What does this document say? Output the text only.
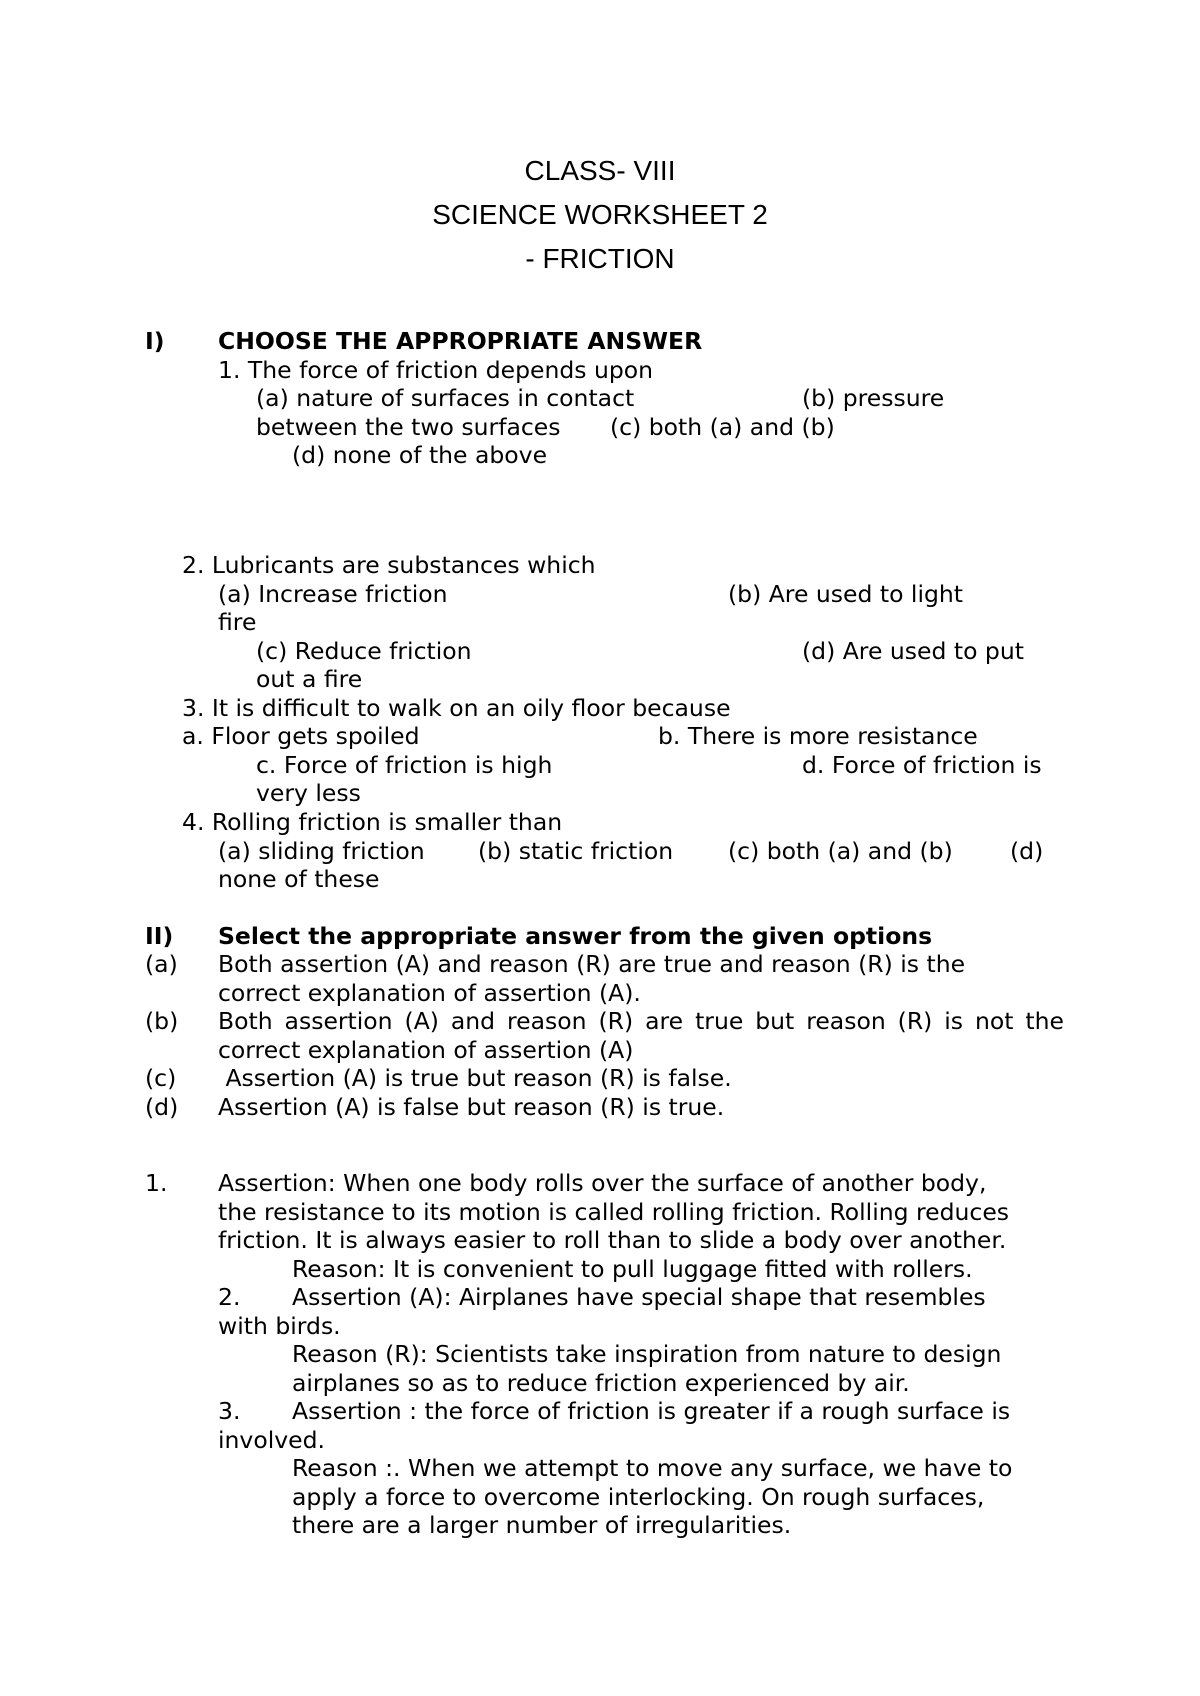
CLASS- VIII
SCIENCE WORKSHEET 2
- FRICTION
I) CHOOSE THE APPROPRIATE ANSWER
1. The force of friction depends upon
(a) nature of surfaces in contact	(b) pressure
between the two surfaces (c) both (a) and (b)
(d) none of the above
2. Lubricants are substances which
(a) Increase friction	(b) Are used to light
fire
(c) Reduce friction	(d) Are used to put
out a fire
3. It is difficult to walk on an oily floor because
a. Floor gets spoiled	b. There is more resistance
c. Force of friction is high	d. Force of friction is
very less
4. Rolling friction is smaller than
(a) sliding friction (b) static friction (c) both (a) and (b) (d)
none of these
II) Select the appropriate answer from the given options
(a) Both assertion (A) and reason (R) are true and reason (R) is the
correct explanation of assertion (A).
(b) Both assertion (A) and reason (R) are true but reason (R) is not the
correct explanation of assertion (A)
(c) Assertion (A) is true but reason (R) is false.
(d) Assertion (A) is false but reason (R) is true.
1. Assertion: When one body rolls over the surface of another body,
the resistance to its motion is called rolling friction. Rolling reduces
friction. It is always easier to roll than to slide a body over another.
Reason: It is convenient to pull luggage fitted with rollers.
2. Assertion (A): Airplanes have special shape that resembles
with birds.
Reason (R): Scientists take inspiration from nature to design
airplanes so as to reduce friction experienced by air.
3. Assertion : the force of friction is greater if a rough surface is
involved.
Reason :. When we attempt to move any surface, we have to
apply a force to overcome interlocking. On rough surfaces,
there are a larger number of irregularities.
